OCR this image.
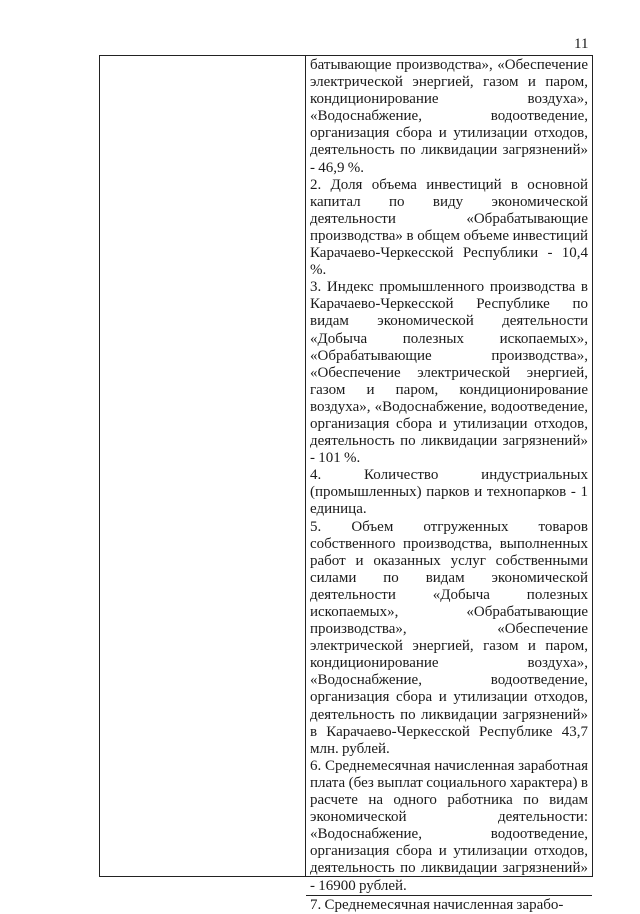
11

батывающие производства», «Обеспечение электрической энергией, газом и паром, кондиционирование воздуха», «Водоснабжение, водоотведение, организация сбора и утилизации отходов, деятельность по ликвидации загрязнений» - 46,9 %.

2. Доля объема инвестиций в основной капитал по виду экономической деятельности «Обрабатывающие производства» в общем объеме инвестиций Карачаево-Черкесской Республики - 10,4 %.

3. Индекс промышленного производства в Карачаево-Черкесской Республике по видам экономической деятельности «Добыча полезных ископаемых», «Обрабатывающие производства», «Обеспечение электрической энергией, газом и паром, кондиционирование воздуха», «Водоснабжение, водоотведение, организация сбора и утилизации отходов, деятельность по ликвидации загрязнений» - 101 %.

4. Количество индустриальных (промышленных) парков и технопарков - 1 единица.

5. Объем отгруженных товаров собственного производства, выполненных работ и оказанных услуг собственными силами по видам экономической деятельности «Добыча полезных ископаемых», «Обрабатывающие производства», «Обеспечение электрической энергией, газом и паром, кондиционирование воздуха», «Водоснабжение, водоотведение, организация сбора и утилизации отходов, деятельность по ликвидации загрязнений» в Карачаево-Черкесской Республике 43,7 млн. рублей.

6. Среднемесячная начисленная заработная плата (без выплат социального характера) в расчете на одного работника по видам экономической деятельности: «Водоснабжение, водоотведение, организация сбора и утилизации отходов, деятельность по ликвидации загрязнений» - 16900 рублей.

7. Среднемесячная начисленная зарабо-
